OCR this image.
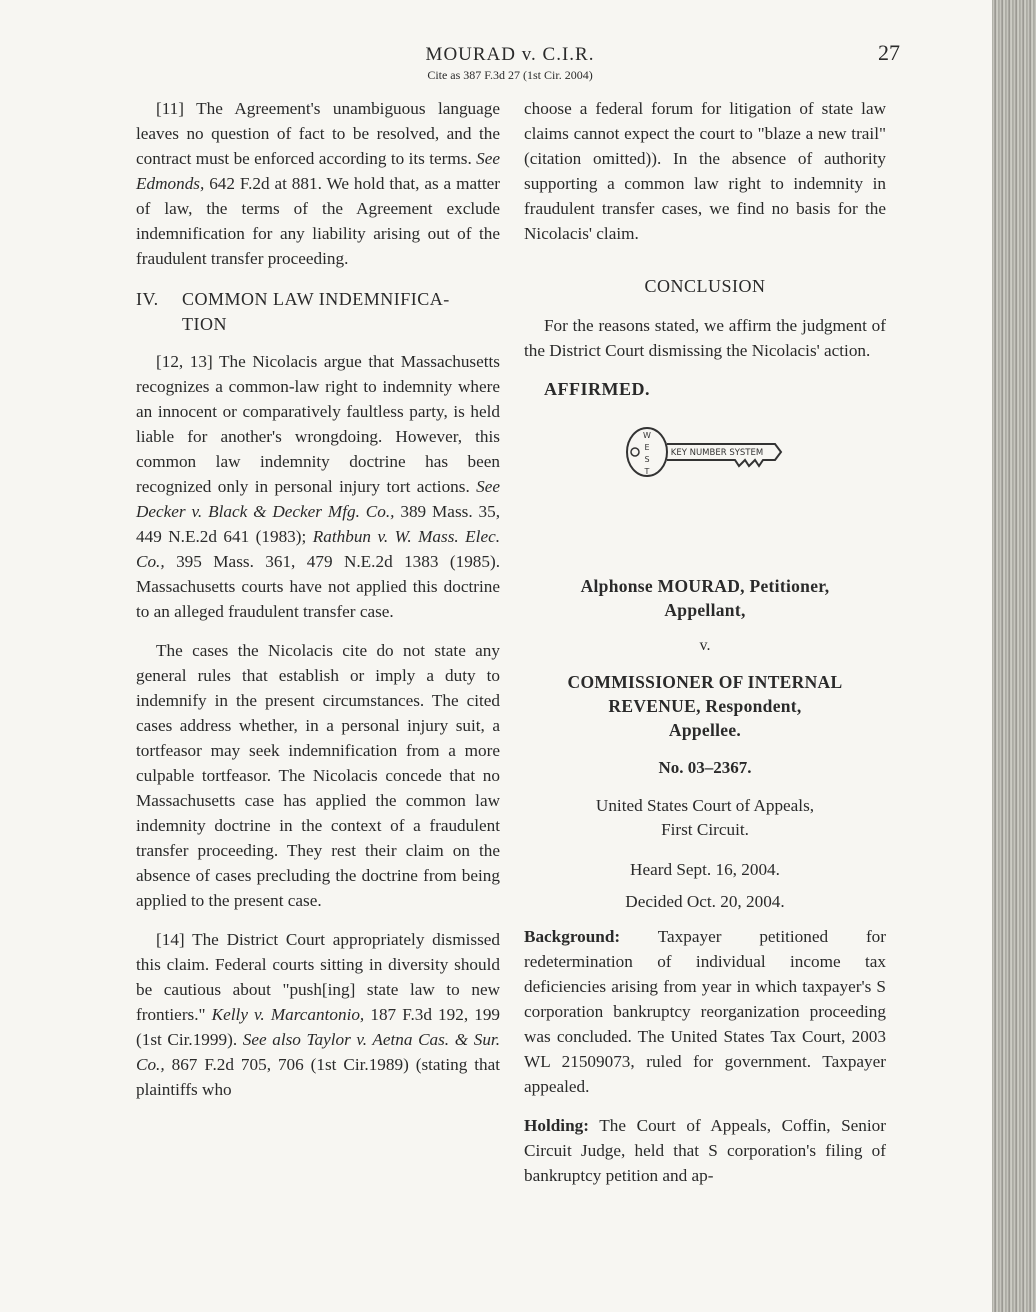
MOURAD v. C.I.R.
Cite as 387 F.3d 27 (1st Cir. 2004)
27

[11] The Agreement's unambiguous language leaves no question of fact to be resolved, and the contract must be enforced according to its terms. See Edmonds, 642 F.2d at 881. We hold that, as a matter of law, the terms of the Agreement exclude indemnification for any liability arising out of the fraudulent transfer proceeding.

IV. COMMON LAW INDEMNIFICA-
TION

[12, 13] The Nicolacis argue that Massachusetts recognizes a common-law right to indemnity where an innocent or comparatively faultless party, is held liable for another's wrongdoing. However, this common law indemnity doctrine has been recognized only in personal injury tort actions. See Decker v. Black & Decker Mfg. Co., 389 Mass. 35, 449 N.E.2d 641 (1983); Rathbun v. W. Mass. Elec. Co., 395 Mass. 361, 479 N.E.2d 1383 (1985). Massachusetts courts have not applied this doctrine to an alleged fraudulent transfer case.

The cases the Nicolacis cite do not state any general rules that establish or imply a duty to indemnify in the present circumstances. The cited cases address whether, in a personal injury suit, a tortfeasor may seek indemnification from a more culpable tortfeasor. The Nicolacis concede that no Massachusetts case has applied the common law indemnity doctrine in the context of a fraudulent transfer proceeding. They rest their claim on the absence of cases precluding the doctrine from being applied to the present case.

[14] The District Court appropriately dismissed this claim. Federal courts sitting in diversity should be cautious about "push[ing] state law to new frontiers." Kelly v. Marcantonio, 187 F.3d 192, 199 (1st Cir.1999). See also Taylor v. Aetna Cas. & Sur. Co., 867 F.2d 705, 706 (1st Cir.1989) (stating that plaintiffs who

choose a federal forum for litigation of state law claims cannot expect the court to "blaze a new trail" (citation omitted)). In the absence of authority supporting a common law right to indemnity in fraudulent transfer cases, we find no basis for the Nicolacis' claim.

CONCLUSION

For the reasons stated, we affirm the judgment of the District Court dismissing the Nicolacis' action.

AFFIRMED.
W
E
S
T
KEY NUMBER SYSTEM
Alphonse MOURAD, Petitioner,
Appellant,
v.
COMMISSIONER OF INTERNAL
REVENUE, Respondent,
Appellee.
No. 03–2367.
United States Court of Appeals,
First Circuit.
Heard Sept. 16, 2004.
Decided Oct. 20, 2004.

Background: Taxpayer petitioned for redetermination of individual income tax deficiencies arising from year in which taxpayer's S corporation bankruptcy reorganization proceeding was concluded. The United States Tax Court, 2003 WL 21509073, ruled for government. Taxpayer appealed.

Holding: The Court of Appeals, Coffin, Senior Circuit Judge, held that S corporation's filing of bankruptcy petition and ap-
